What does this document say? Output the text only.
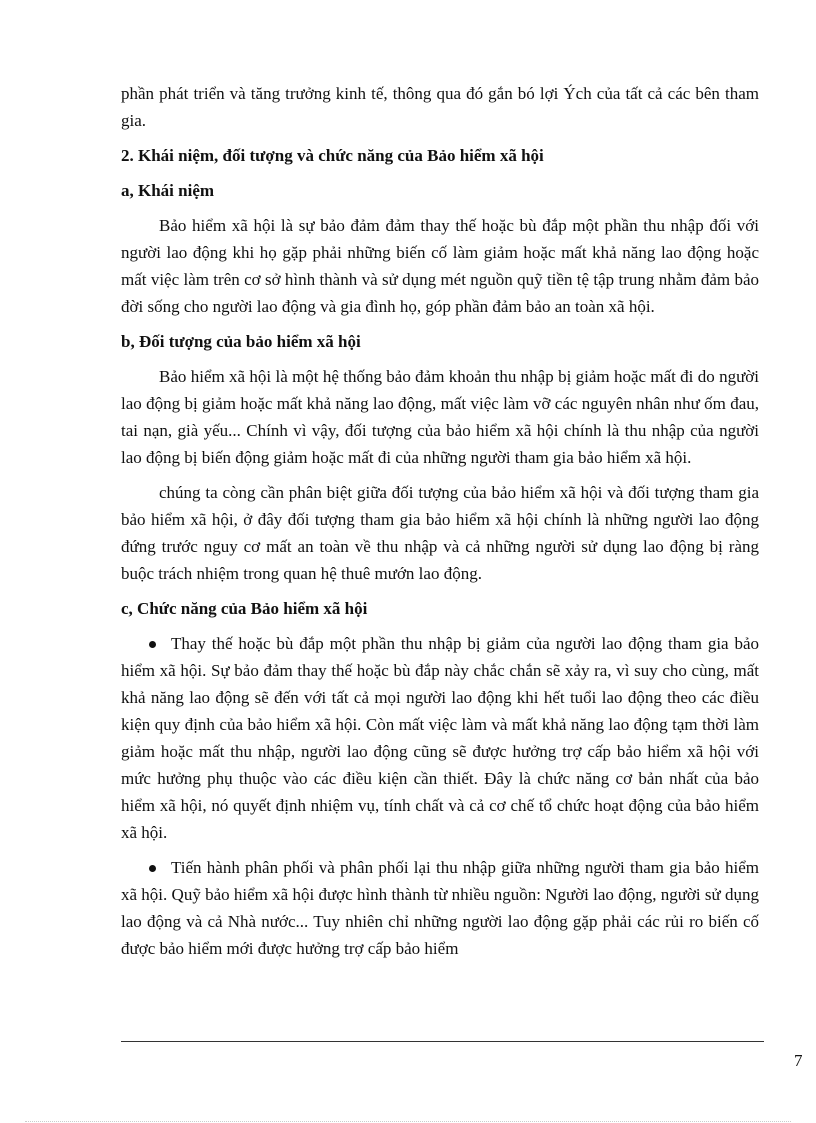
phần phát triển và tăng trưởng kinh tế, thông qua đó gắn bó lợi Ých của tất cả các bên tham gia.

2. Khái niệm, đối tượng và chức năng của Bảo hiểm xã hội

a, Khái niệm

Bảo hiểm xã hội là sự bảo đảm đảm thay thế hoặc bù đắp một phần thu nhập đối với người lao động khi họ gặp phải những biến cố làm giảm hoặc mất khả năng lao động hoặc mất việc làm trên cơ sở hình thành và sử dụng mét nguồn quỹ tiền tệ tập trung nhằm đảm bảo đời sống cho người lao động và gia đình họ, góp phần đảm bảo an toàn xã hội.

b, Đối tượng của bảo hiểm xã hội

Bảo hiểm xã hội là một hệ thống bảo đảm khoản thu nhập bị giảm hoặc mất đi do người lao động bị giảm hoặc mất khả năng lao động, mất việc làm vỡ các nguyên nhân như ốm đau, tai nạn, già yếu... Chính vì vậy, đối tượng của bảo hiểm xã hội chính là thu nhập của người lao động bị biến động giảm hoặc mất đi của những người tham gia bảo hiểm xã hội.

chúng ta còng cần phân biệt giữa đối tượng của bảo hiểm xã hội và đối tượng tham gia bảo hiểm xã hội, ở đây đối tượng tham gia bảo hiểm xã hội chính là những người lao động đứng trước nguy cơ mất an toàn về thu nhập và cả những người sử dụng lao động bị ràng buộc trách nhiệm trong quan hệ thuê mướn lao động.

c, Chức năng của Bảo hiểm xã hội

Thay thế hoặc bù đắp một phần thu nhập bị giảm của người lao động tham gia bảo hiểm xã hội. Sự bảo đảm thay thế hoặc bù đắp này chắc chắn sẽ xảy ra, vì suy cho cùng, mất khả năng lao động sẽ đến với tất cả mọi người lao động khi hết tuổi lao động theo các điều kiện quy định của bảo hiểm xã hội. Còn mất việc làm và mất khả năng lao động tạm thời làm giảm hoặc mất thu nhập, người lao động cũng sẽ được hưởng trợ cấp bảo hiểm xã hội với mức hưởng phụ thuộc vào các điều kiện cần thiết. Đây là chức năng cơ bản nhất của bảo hiểm xã hội, nó quyết định nhiệm vụ, tính chất và cả cơ chế tổ chức hoạt động của bảo hiểm xã hội.

Tiến hành phân phối và phân phối lại thu nhập giữa những người tham gia bảo hiểm xã hội. Quỹ bảo hiểm xã hội được hình thành từ nhiều nguồn: Người lao động, người sử dụng lao động và cả Nhà nước... Tuy nhiên chỉ những người lao động gặp phải các rủi ro biến cố được bảo hiểm mới được hưởng trợ cấp bảo hiểm

7
